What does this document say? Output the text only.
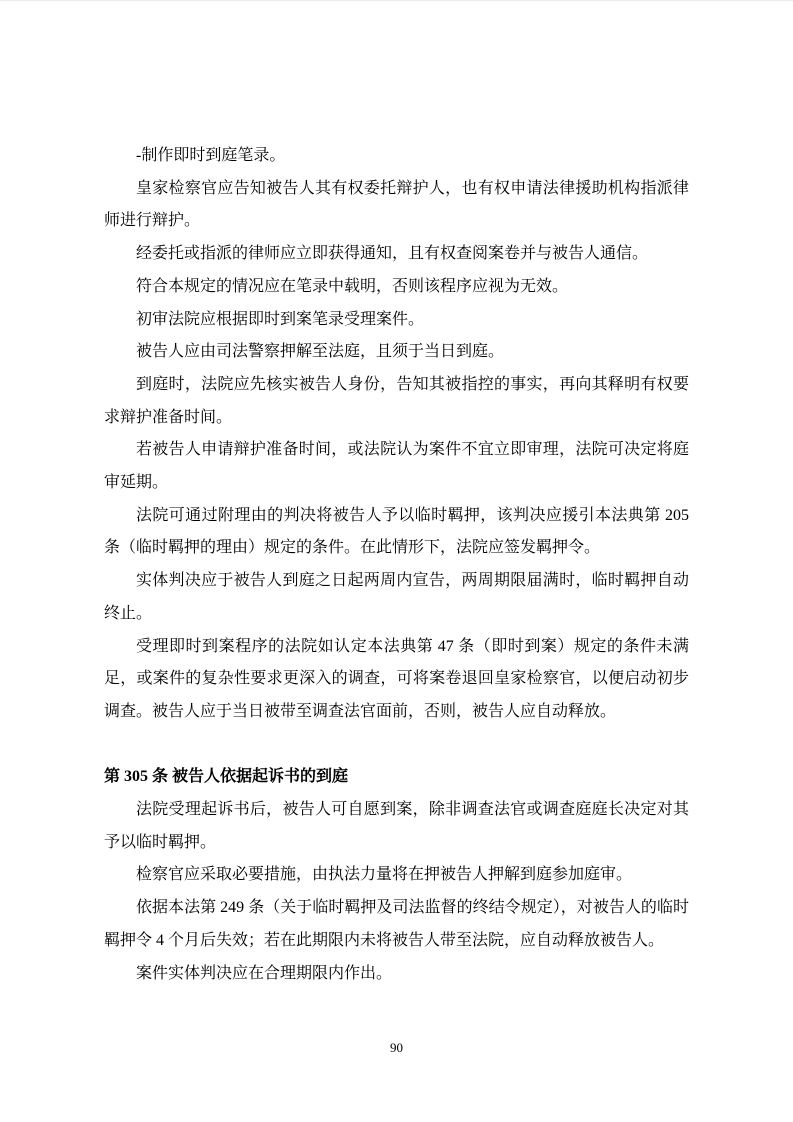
-制作即时到庭笔录。

皇家检察官应告知被告人其有权委托辩护人，也有权申请法律援助机构指派律师进行辩护。

经委托或指派的律师应立即获得通知，且有权查阅案卷并与被告人通信。

符合本规定的情况应在笔录中载明，否则该程序应视为无效。

初审法院应根据即时到案笔录受理案件。

被告人应由司法警察押解至法庭，且须于当日到庭。

到庭时，法院应先核实被告人身份，告知其被指控的事实，再向其释明有权要求辩护准备时间。

若被告人申请辩护准备时间，或法院认为案件不宜立即审理，法院可决定将庭审延期。

法院可通过附理由的判决将被告人予以临时羁押，该判决应援引本法典第 205 条（临时羁押的理由）规定的条件。在此情形下，法院应签发羁押令。

实体判决应于被告人到庭之日起两周内宣告，两周期限届满时，临时羁押自动终止。

受理即时到案程序的法院如认定本法典第 47 条（即时到案）规定的条件未满足，或案件的复杂性要求更深入的调查，可将案卷退回皇家检察官，以便启动初步调查。被告人应于当日被带至调查法官面前，否则，被告人应自动释放。

第 305 条 被告人依据起诉书的到庭

法院受理起诉书后，被告人可自愿到案，除非调查法官或调查庭庭长决定对其予以临时羁押。

检察官应采取必要措施，由执法力量将在押被告人押解到庭参加庭审。

依据本法第 249 条（关于临时羁押及司法监督的终结令规定），对被告人的临时羁押令 4 个月后失效；若在此期限内未将被告人带至法院，应自动释放被告人。

案件实体判决应在合理期限内作出。

90
